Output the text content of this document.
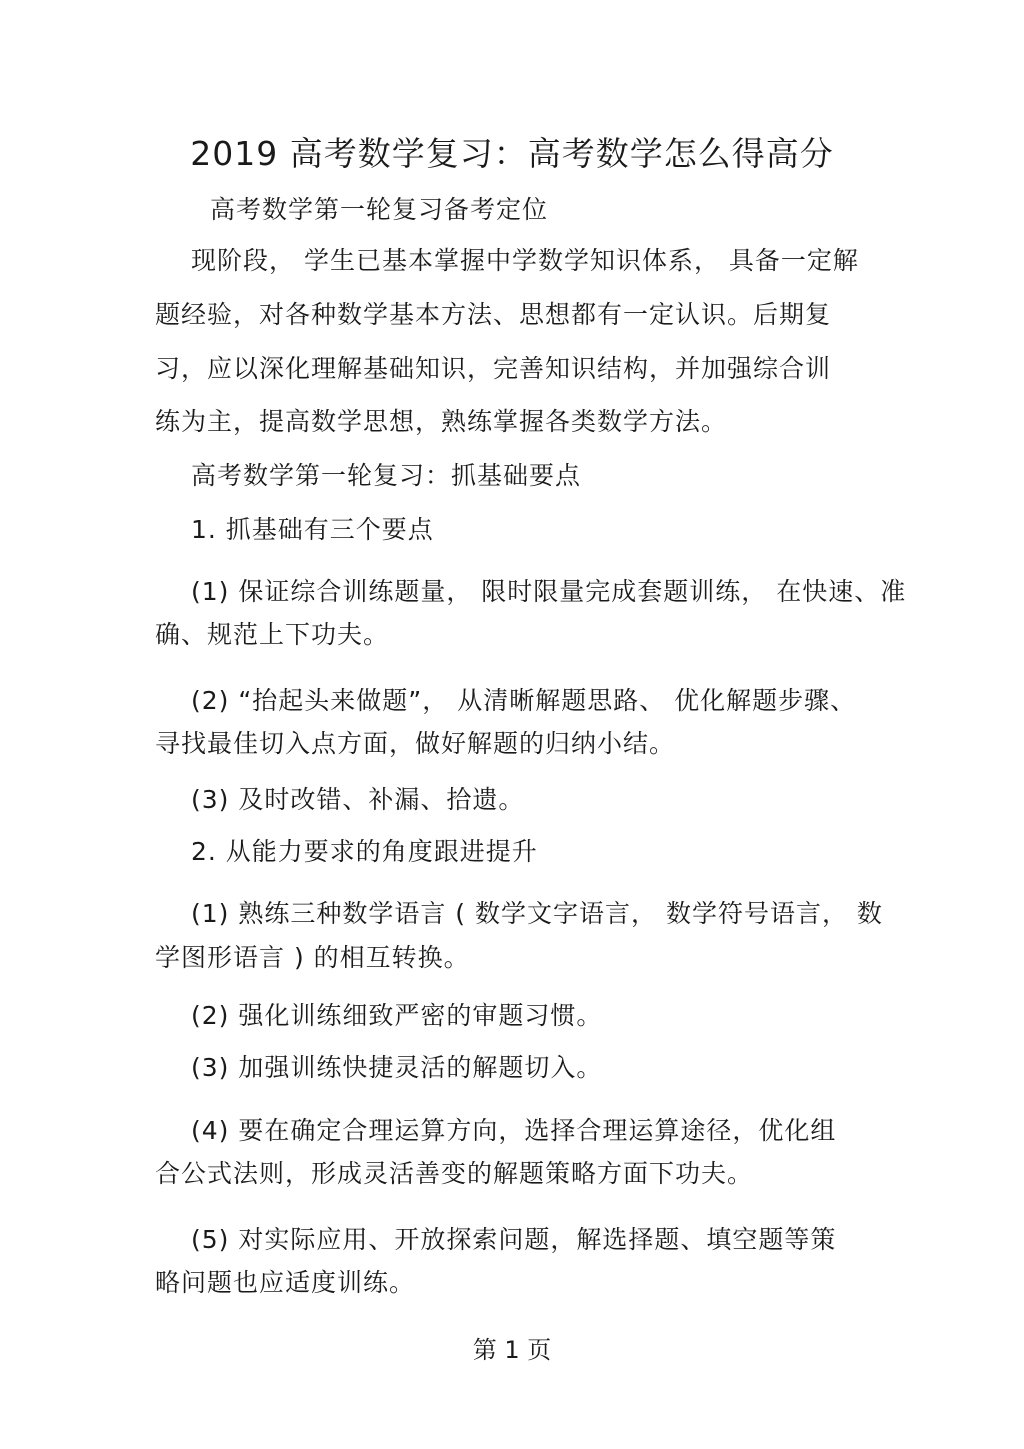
2019 高考数学复习：高考数学怎么得高分
高考数学第一轮复习备考定位
现阶段， 学生已基本掌握中学数学知识体系， 具备一定解
题经验，对各种数学基本方法、思想都有一定认识。后期复
习，应以深化理解基础知识，完善知识结构，并加强综合训
练为主，提高数学思想，熟练掌握各类数学方法。
高考数学第一轮复习：抓基础要点
1. 抓基础有三个要点
(1) 保证综合训练题量， 限时限量完成套题训练， 在快速、准
确、规范上下功夫。
(2) “抬起头来做题”， 从清晰解题思路、 优化解题步骤、
寻找最佳切入点方面，做好解题的归纳小结。
(3) 及时改错、补漏、拾遗。
2. 从能力要求的角度跟进提升
(1) 熟练三种数学语言 ( 数学文字语言， 数学符号语言， 数
学图形语言 ) 的相互转换。
(2) 强化训练细致严密的审题习惯。
(3) 加强训练快捷灵活的解题切入。
(4) 要在确定合理运算方向，选择合理运算途径，优化组
合公式法则，形成灵活善变的解题策略方面下功夫。
(5) 对实际应用、开放探索问题，解选择题、填空题等策
略问题也应适度训练。
第 1 页
